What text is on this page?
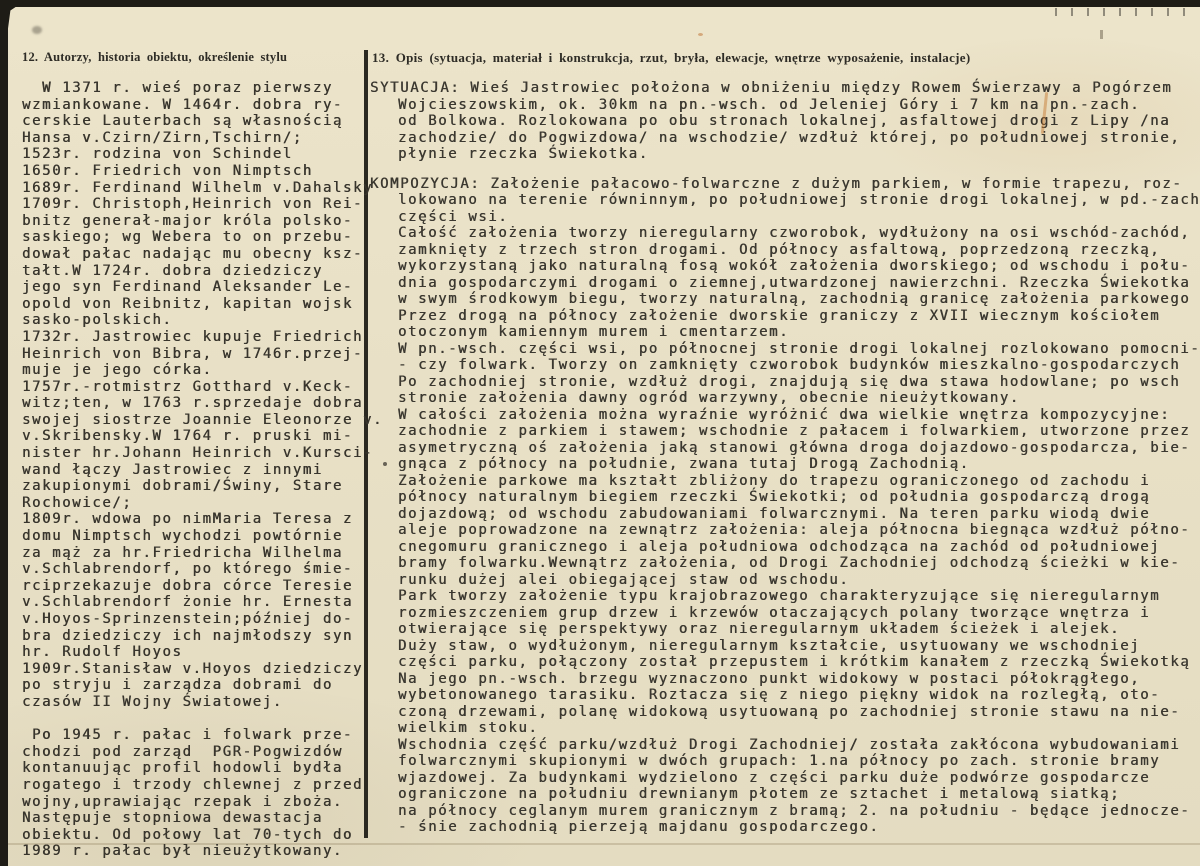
12. Autorzy, historia obiektu, określenie stylu	13. Opis (sytuacja, materiał i konstrukcja, rzut, bryła, elewacje, wnętrze wyposażenie, instalacje)
W 1371 r. wieś poraz pierwszy
wzmiankowane. W 1464r. dobra ry-
cerskie Lauterbach są własnością
Hansa v.Czirn/Zirn,Tschirn/;
1523r. rodzina von Schindel
1650r. Friedrich von Nimptsch
1689r. Ferdinand Wilhelm v.Dahalsky
1709r. Christoph,Heinrich von Rei-
bnitz generał-major króla polsko-
saskiego; wg Webera to on przebu-
dował pałac nadając mu obecny ksz-
tałt.W 1724r. dobra dziedziczy
jego syn Ferdinand Aleksander Le-
opold von Reibnitz, kapitan wojsk
sasko-polskich.
1732r. Jastrowiec kupuje Friedrich
Heinrich von Bibra, w 1746r.przej-
muje je jego córka.
1757r.-rotmistrz Gotthard v.Keck-
witz;ten, w 1763 r.sprzedaje dobra
swojej siostrze Joannie Eleonorze v.
v.Skribensky.W 1764 r. pruski mi-
nister hr.Johann Heinrich v.Kursci-
wand łączy Jastrowiec z innymi
zakupionymi dobrami/Świny, Stare
Rochowice/;
1809r. wdowa po nimMaria Teresa z
domu Nimptsch wychodzi powtórnie
za mąż za hr.Friedricha Wilhelma
v.Schlabrendorf, po którego śmie-
rciprzekazuje dobra córce Teresie
v.Schlabrendorf żonie hr. Ernesta
v.Hoyos-Sprinzenstein;później do-
bra dziedziczy ich najmłodszy syn
hr. Rudolf Hoyos
1909r.Stanisław v.Hoyos dziedziczy
po stryju i zarządza dobrami do
czasów II Wojny Światowej.

Po 1945 r. pałac i folwark prze-
chodzi pod zarząd  PGR-Pogwizdów
kontanuując profil hodowli bydła
rogatego i trzody chlewnej z przed
wojny,uprawiając rzepak i zboża.
Następuje stopniowa dewastacja
obiektu. Od połowy lat 70-tych do
1989 r. pałac był nieużytkowany.
SYTUACJA: Wieś Jastrowiec położona w obniżeniu między Rowem Świerzawy a Pogórzem
Wojcieszowskim, ok. 30km na pn.-wsch. od Jeleniej Góry i 7 km na pn.-zach.
od Bolkowa. Rozlokowana po obu stronach lokalnej, asfaltowej drogi z Lipy /na
zachodzie/ do Pogwizdowa/ na wschodzie/ wzdłuż której, po południowej stronie,
płynie rzeczka Świekotka.
KOMPOZYCJA: Założenie pałacowo-folwarczne z dużym parkiem, w formie trapezu, roz-
lokowano na terenie równinnym, po południowej stronie drogi lokalnej, w pd.-zach
części wsi.
Całość założenia tworzy nieregularny czworobok, wydłużony na osi wschód-zachód,
zamknięty z trzech stron drogami. Od północy asfaltową, poprzedzoną rzeczką,
wykorzystaną jako naturalną fosą wokół założenia dworskiego; od wschodu i połu-
dnia gospodarczymi drogami o ziemnej,utwardzonej nawierzchni. Rzeczka Świekotka
w swym środkowym biegu, tworzy naturalną, zachodnią granicę założenia parkowego
Przez drogą na północy założenie dworskie graniczy z XVII wiecznym kościołem
otoczonym kamiennym murem i cmentarzem.
W pn.-wsch. części wsi, po północnej stronie drogi lokalnej rozlokowano pomocni-
- czy folwark. Tworzy on zamknięty czworobok budynków mieszkalno-gospodarczych
Po zachodniej stronie, wzdłuż drogi, znajdują się dwa stawa hodowlane; po wsch
stronie założenia dawny ogród warzywny, obecnie nieużytkowany.
W całości założenia można wyraźnie wyróżnić dwa wielkie wnętrza kompozycyjne:
zachodnie z parkiem i stawem; wschodnie z pałacem i folwarkiem, utworzone przez
asymetryczną oś założenia jaką stanowi główna droga dojazdowo-gospodarcza, bie-
gnąca z północy na południe, zwana tutaj Drogą Zachodnią.
Założenie parkowe ma kształt zbliżony do trapezu ograniczonego od zachodu i
północy naturalnym biegiem rzeczki Świekotki; od południa gospodarczą drogą
dojazdową; od wschodu zabudowaniami folwarcznymi. Na teren parku wiodą dwie
aleje poprowadzone na zewnątrz założenia: aleja północna biegnąca wzdłuż półno-
cnegomuru granicznego i aleja południowa odchodząca na zachód od południowej
bramy folwarku.Wewnątrz założenia, od Drogi Zachodniej odchodzą ścieżki w kie-
runku dużej alei obiegającej staw od wschodu.
Park tworzy założenie typu krajobrazowego charakteryzujące się nieregularnym
rozmieszczeniem grup drzew i krzewów otaczających polany tworzące wnętrza i
otwierające się perspektywy oraz nieregularnym układem ścieżek i alejek.
Duży staw, o wydłużonym, nieregularnym kształcie, usytuowany we wschodniej
części parku, połączony został przepustem i krótkim kanałem z rzeczką Świekotką
Na jego pn.-wsch. brzegu wyznaczono punkt widokowy w postaci półokrągłego,
wybetonowanego tarasiku. Roztacza się z niego piękny widok na rozległą, oto-
czoną drzewami, polanę widokową usytuowaną po zachodniej stronie stawu na nie-
wielkim stoku.
Wschodnia część parku/wzdłuż Drogi Zachodniej/ została zakłócona wybudowaniami
folwarcznymi skupionymi w dwóch grupach: 1.na północy po zach. stronie bramy
wjazdowej. Za budynkami wydzielono z części parku duże podwórze gospodarcze
ograniczone na południu drewnianym płotem ze sztachet i metalową siatką;
na północy ceglanym murem granicznym z bramą; 2. na południu - będące jednocze-
- śnie zachodnią pierzeją majdanu gospodarczego.
